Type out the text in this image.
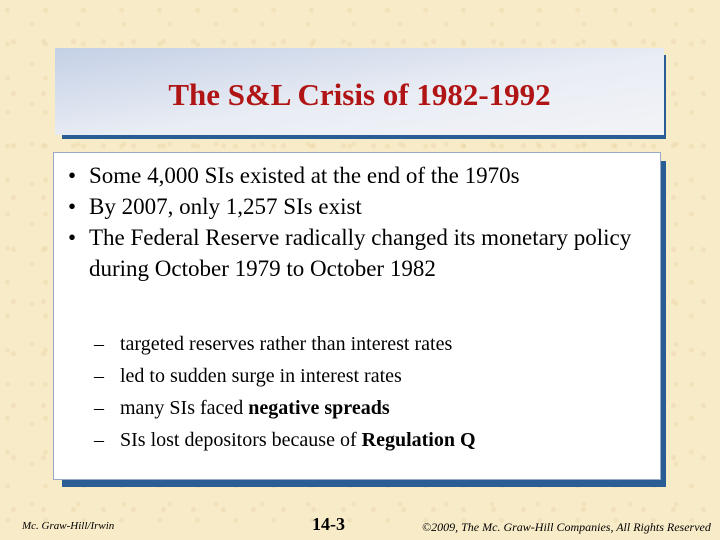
The S&L Crisis of 1982-1992
• Some 4,000 SIs existed at the end of the 1970s
• By 2007, only 1,257 SIs exist
• The Federal Reserve radically changed its monetary policy during October 1979 to October 1982
– targeted reserves rather than interest rates
– led to sudden surge in interest rates
– many SIs faced negative spreads
– SIs lost depositors because of Regulation Q
Mc. Graw-Hill/Irwin	14-3	©2009, The Mc. Graw-Hill Companies, All Rights Reserved
